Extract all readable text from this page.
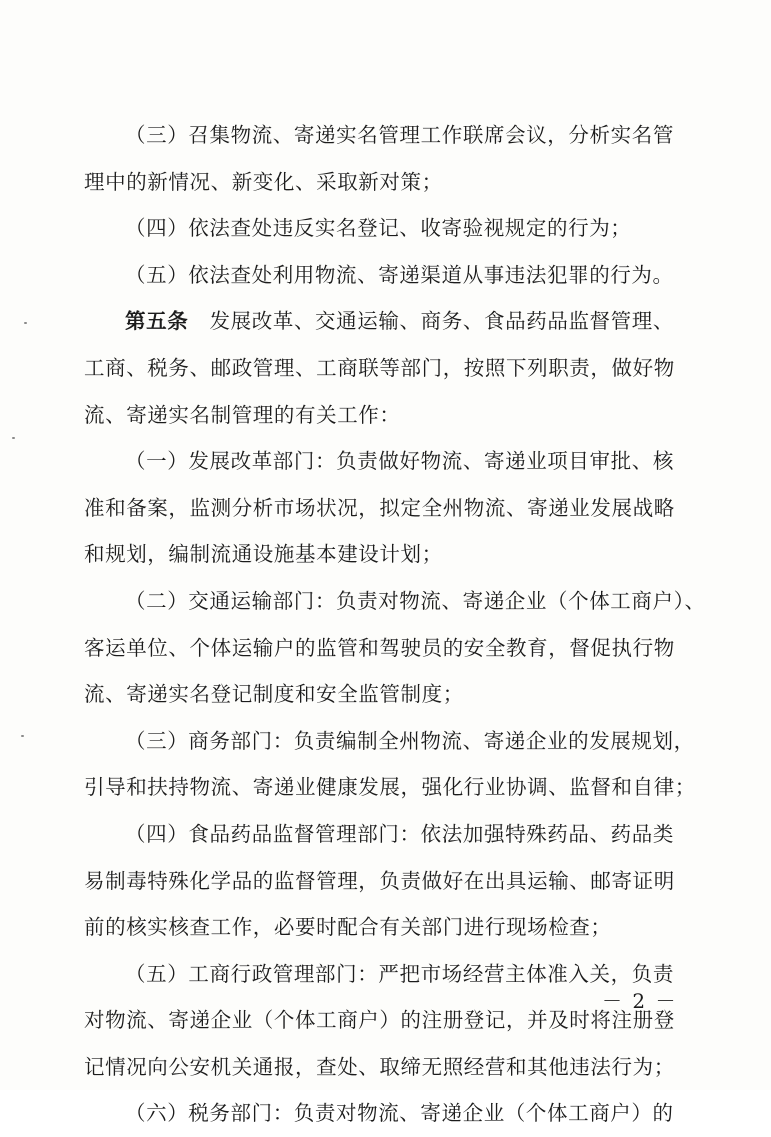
（三）召集物流、寄递实名管理工作联席会议，分析实名管
理中的新情况、新变化、采取新对策；
（四）依法查处违反实名登记、收寄验视规定的行为；
（五）依法查处利用物流、寄递渠道从事违法犯罪的行为。
第五条  发展改革、交通运输、商务、食品药品监督管理、
工商、税务、邮政管理、工商联等部门，按照下列职责，做好物
流、寄递实名制管理的有关工作：
（一）发展改革部门：负责做好物流、寄递业项目审批、核
准和备案，监测分析市场状况，拟定全州物流、寄递业发展战略
和规划，编制流通设施基本建设计划；
（二）交通运输部门：负责对物流、寄递企业（个体工商户）、
客运单位、个体运输户的监管和驾驶员的安全教育，督促执行物
流、寄递实名登记制度和安全监管制度；
（三）商务部门：负责编制全州物流、寄递企业的发展规划，
引导和扶持物流、寄递业健康发展，强化行业协调、监督和自律；
（四）食品药品监督管理部门：依法加强特殊药品、药品类
易制毒特殊化学品的监督管理，负责做好在出具运输、邮寄证明
前的核实核查工作，必要时配合有关部门进行现场检查；
（五）工商行政管理部门：严把市场经营主体准入关，负责
对物流、寄递企业（个体工商户）的注册登记，并及时将注册登
记情况向公安机关通报，查处、取缔无照经营和其他违法行为；
（六）税务部门：负责对物流、寄递企业（个体工商户）的
－ 2 －
